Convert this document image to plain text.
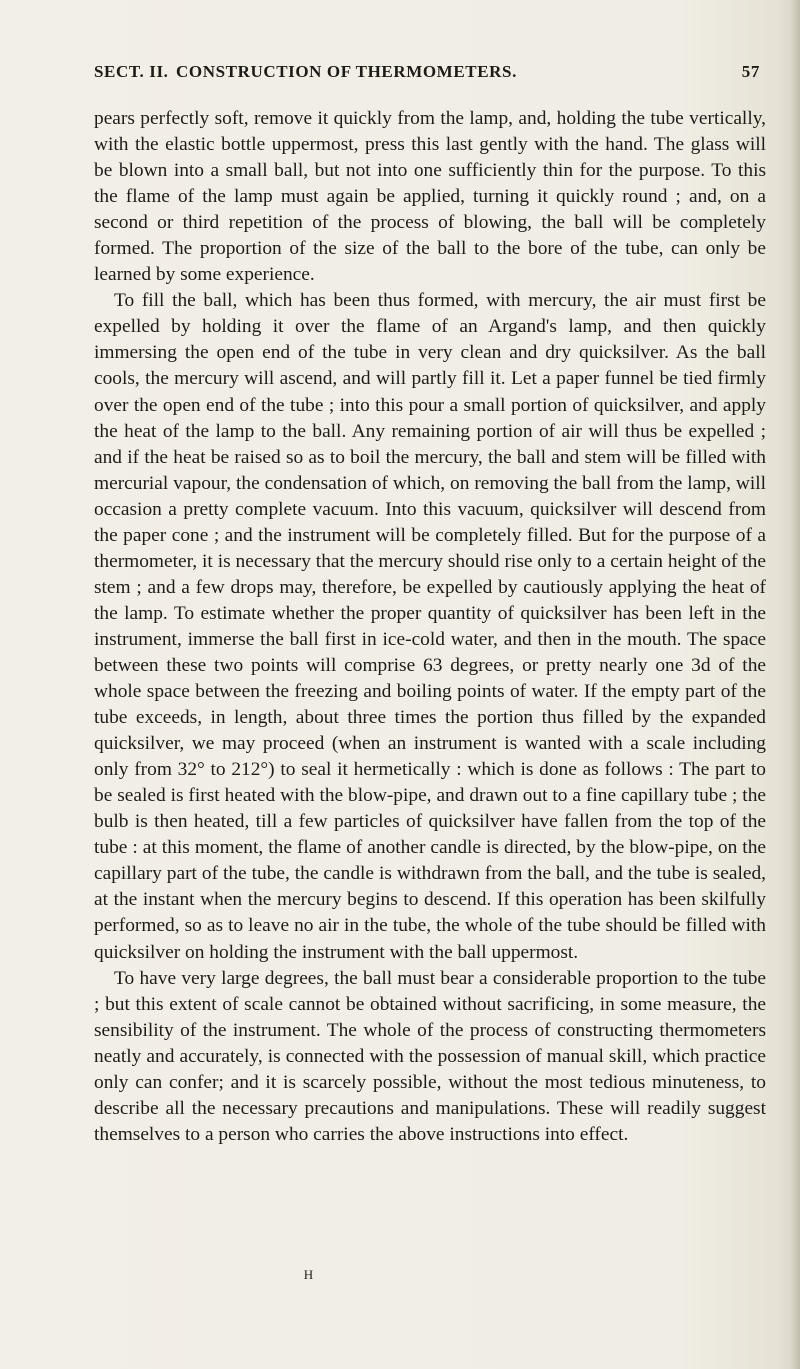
SECT. II. CONSTRUCTION OF THERMOMETERS.	57

pears perfectly soft, remove it quickly from the lamp, and, holding the tube vertically, with the elastic bottle uppermost, press this last gently with the hand. The glass will be blown into a small ball, but not into one sufficiently thin for the purpose. To this the flame of the lamp must again be applied, turning it quickly round ; and, on a second or third repetition of the process of blowing, the ball will be completely formed. The proportion of the size of the ball to the bore of the tube, can only be learned by some experience.

To fill the ball, which has been thus formed, with mercury, the air must first be expelled by holding it over the flame of an Argand's lamp, and then quickly immersing the open end of the tube in very clean and dry quicksilver. As the ball cools, the mercury will ascend, and will partly fill it. Let a paper funnel be tied firmly over the open end of the tube ; into this pour a small portion of quicksilver, and apply the heat of the lamp to the ball. Any remaining portion of air will thus be expelled ; and if the heat be raised so as to boil the mercury, the ball and stem will be filled with mercurial vapour, the condensation of which, on removing the ball from the lamp, will occasion a pretty complete vacuum. Into this vacuum, quicksilver will descend from the paper cone ; and the instrument will be completely filled. But for the purpose of a thermometer, it is necessary that the mercury should rise only to a certain height of the stem ; and a few drops may, therefore, be expelled by cautiously applying the heat of the lamp. To estimate whether the proper quantity of quicksilver has been left in the instrument, immerse the ball first in ice-cold water, and then in the mouth. The space between these two points will comprise 63 degrees, or pretty nearly one 3d of the whole space between the freezing and boiling points of water. If the empty part of the tube exceeds, in length, about three times the portion thus filled by the expanded quicksilver, we may proceed (when an instrument is wanted with a scale including only from 32° to 212°) to seal it hermetically : which is done as follows : The part to be sealed is first heated with the blow-pipe, and drawn out to a fine capillary tube ; the bulb is then heated, till a few particles of quicksilver have fallen from the top of the tube : at this moment, the flame of another candle is directed, by the blow-pipe, on the capillary part of the tube, the candle is withdrawn from the ball, and the tube is sealed, at the instant when the mercury begins to descend. If this operation has been skilfully performed, so as to leave no air in the tube, the whole of the tube should be filled with quicksilver on holding the instrument with the ball uppermost.

To have very large degrees, the ball must bear a considerable proportion to the tube ; but this extent of scale cannot be obtained without sacrificing, in some measure, the sensibility of the instrument. The whole of the process of constructing thermometers neatly and accurately, is connected with the possession of manual skill, which practice only can confer; and it is scarcely possible, without the most tedious minuteness, to describe all the necessary precautions and manipulations. These will readily suggest themselves to a person who carries the above instructions into effect.

H
